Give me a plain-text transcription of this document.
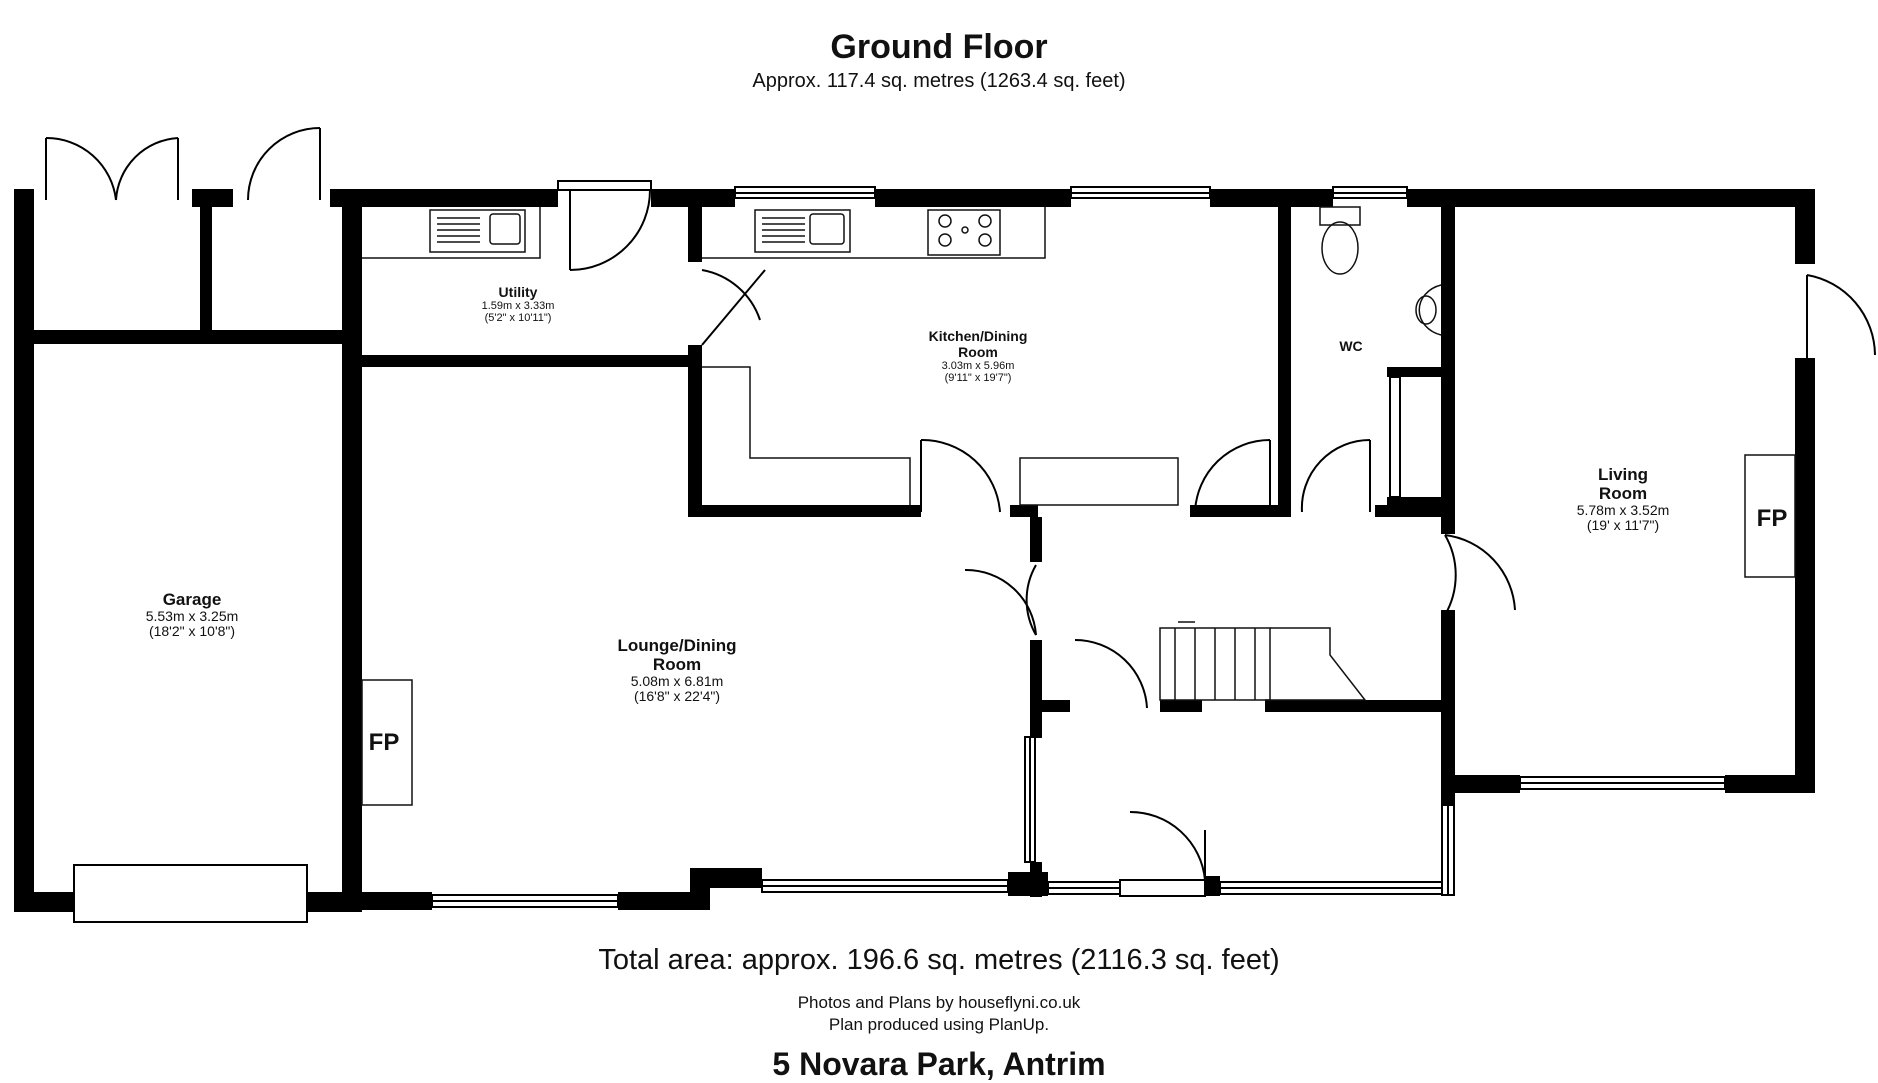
Ground Floor
Approx. 117.4 sq. metres (1263.4 sq. feet)
Utility
1.59m x 3.33m
(5'2" x 10'11")
Kitchen/Dining
Room
3.03m x 5.96m
(9'11" x 19'7")
WC
Living
Room
5.78m x 3.52m
(19' x 11'7")
Garage
5.53m x 3.25m
(18'2" x 10'8")
Lounge/Dining
Room
5.08m x 6.81m
(16'8" x 22'4")
FP
FP
Total area: approx. 196.6 sq. metres (2116.3 sq. feet)
Photos and Plans by houseflyni.co.uk
Plan produced using PlanUp.
5 Novara Park, Antrim
